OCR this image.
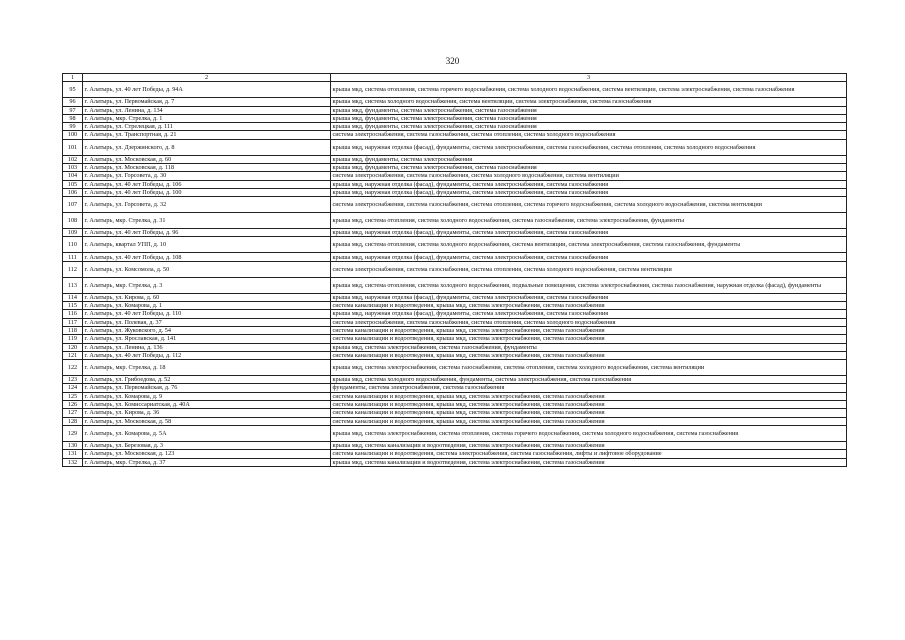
320
1	2	3
95	г. Алатырь, ул. 40 лет Победы, д. 94А	крыша мкд, система отопления, система горячего водоснабжения, система холодного водоснабжения, система вентиляции, система электроснабжения, система газоснабжения
96	г. Алатырь, ул. Первомайская, д. 7	крыша мкд, система холодного водоснабжения, система вентиляции, система электроснабжения, система газоснабжения
97	г. Алатырь, ул. Ленина, д. 134	крыша мкд, фундаменты, система электроснабжения, система газоснабжения
98	г. Алатырь, мкр. Стрелка, д. 1	крыша мкд, фундаменты, система электроснабжения, система газоснабжения
99	г. Алатырь, ул. Стрелецкая, д. 111	крыша мкд, фундаменты, система электроснабжения, система газоснабжения
100	г. Алатырь, ул. Транспортная, д. 21	система электроснабжения, система газоснабжения, система отопления, система холодного водоснабжения
101	г. Алатырь, ул. Дзержинского, д. 8	крыша мкд, наружная отделка (фасад), фундаменты, система электроснабжения, система газоснабжения, система отопления, система холодного водоснабжения
102	г. Алатырь, ул. Московская, д. 60	крыша мкд, фундаменты, система электроснабжения
103	г. Алатырь, ул. Московская, д. 118	крыша мкд, фундаменты, система электроснабжения, система газоснабжения
104	г. Алатырь, ул. Горсовета, д. 30	система электроснабжения, система газоснабжения, система холодного водоснабжения, система вентиляции
105	г. Алатырь, ул. 40 лет Победы, д. 106	крыша мкд, наружная отделка (фасад), фундаменты, система электроснабжения, система газоснабжения
106	г. Алатырь, ул. 40 лет Победы, д. 100	крыша мкд, наружная отделка (фасад), фундаменты, система электроснабжения, система газоснабжения
107	г. Алатырь, ул. Горсовета, д. 32	система электроснабжения, система газоснабжения, система отопления, система горячего водоснабжения, система холодного водоснабжения, система вентиляции
108	г. Алатырь, мкр. Стрелка, д. 31	крыша мкд, система отопления, система холодного водоснабжения, система газоснабжения, система электроснабжения, фундаменты
109	г. Алатырь, ул. 40 лет Победы, д. 96	крыша мкд, наружная отделка (фасад), фундаменты, система электроснабжения, система газоснабжения
110	г. Алатырь, квартал УПП, д. 10	крыша мкд, система отопления, система холодного водоснабжения, система вентиляции, система электроснабжения, система газоснабжения, фундаменты
111	г. Алатырь, ул. 40 лет Победы, д. 108	крыша мкд, наружная отделка (фасад), фундаменты, система электроснабжения, система газоснабжения
112	г. Алатырь, ул. Комсомола, д. 50	система электроснабжения, система газоснабжения, система отопления, система холодного водоснабжения, система вентиляции
113	г. Алатырь, мкр. Стрелка, д. 3	крыша мкд, система отопления, система холодного водоснабжения, подвальные помещения, система электроснабжения, система газоснабжения, наружная отделка (фасад), фундаменты
114	г. Алатырь, ул. Кирова, д. 60	крыша мкд, наружная отделка (фасад), фундаменты, система электроснабжения, система газоснабжения
115	г. Алатырь, ул. Комарова, д. 1	система канализации и водоотведения, крыша мкд, система электроснабжения, система газоснабжения
116	г. Алатырь, ул. 40 лет Победы, д. 110	крыша мкд, наружная отделка (фасад), фундаменты, система электроснабжения, система газоснабжения
117	г. Алатырь, ул. Полевая, д. 37	система электроснабжения, система газоснабжения, система отопления, система холодного водоснабжения
118	г. Алатырь, ул. Жуковского, д. 54	система канализации и водоотведения, крыша мкд, система электроснабжения, система газоснабжения
119	г. Алатырь, ул. Ярославская, д. 141	система канализации и водоотведения, крыша мкд, система электроснабжения, система газоснабжения
120	г. Алатырь, ул. Ленина, д. 136	крыша мкд, система электроснабжения, система газоснабжения, фундаменты
121	г. Алатырь, ул. 40 лет Победы, д. 112	система канализации и водоотведения, крыша мкд, система электроснабжения, система газоснабжения
122	г. Алатырь, мкр. Стрелка, д. 18	крыша мкд, система электроснабжения, система газоснабжения, система отопления, система холодного водоснабжения, система вентиляции
123	г. Алатырь, ул. Грибоедова, д. 52	крыша мкд, система холодного водоснабжения, фундаменты, система электроснабжения, система газоснабжения
124	г. Алатырь, ул. Первомайская, д. 76	фундаменты, система электроснабжения, система газоснабжения
125	г. Алатырь, ул. Комарова, д. 9	система канализации и водоотведения, крыша мкд, система электроснабжения, система газоснабжения
126	г. Алатырь, ул. Комиссариатская, д. 40А	система канализации и водоотведения, крыша мкд, система электроснабжения, система газоснабжения
127	г. Алатырь, ул. Кирова, д. 36	система канализации и водоотведения, крыша мкд, система электроснабжения, система газоснабжения
128	г. Алатырь, ул. Московская, д. 58	система канализации и водоотведения, крыша мкд, система электроснабжения, система газоснабжения
129	г. Алатырь, ул. Комарова, д. 5А	крыша мкд, система электроснабжения, система отопления, система горячего водоснабжения, система холодного водоснабжения, система газоснабжения
130	г. Алатырь, ул. Березовая, д. 3	крыша мкд, система канализации и водоотведения, система электроснабжения, система газоснабжения
131	г. Алатырь, ул. Московская, д. 123	система канализации и водоотведения, система электроснабжения, система газоснабжения, лифты и лифтовое оборудование
132	г. Алатырь, мкр. Стрелка, д. 37	крыша мкд, система канализации и водоотведения, система электроснабжения, система газоснабжения
